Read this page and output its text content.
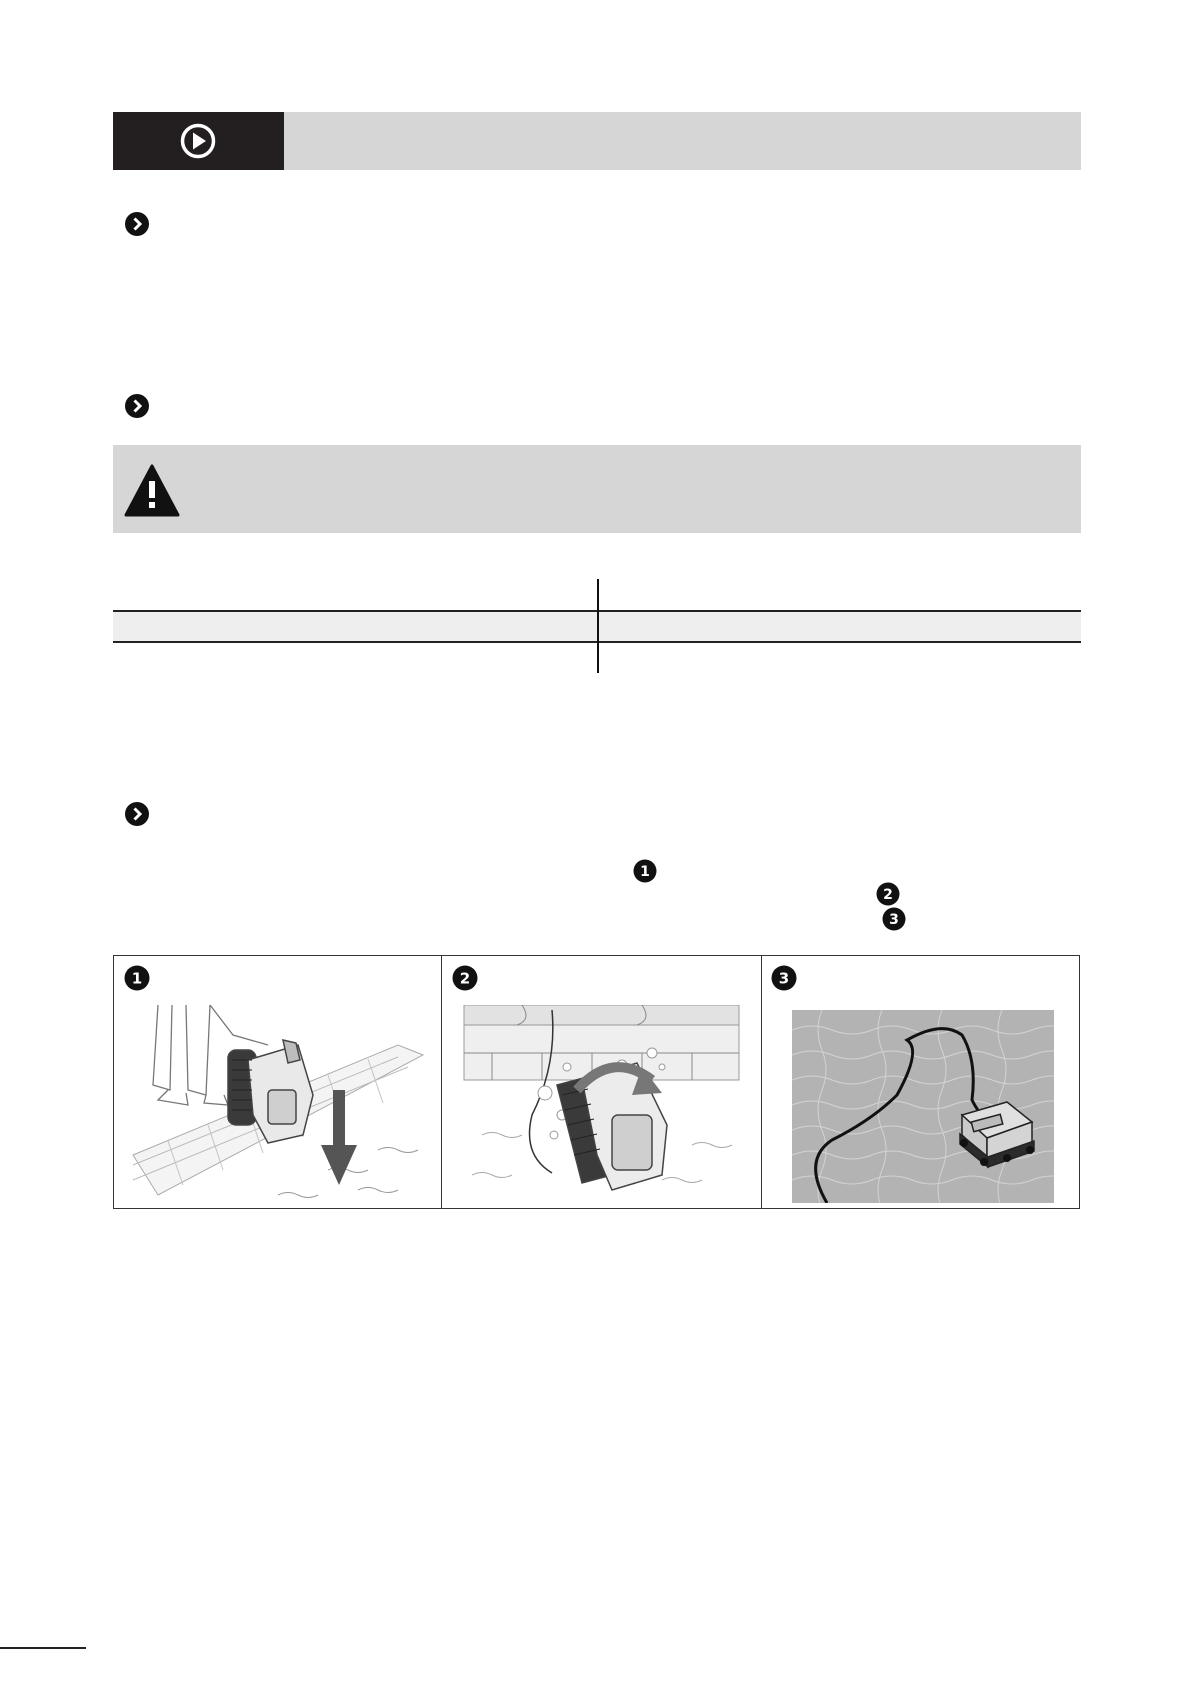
1
2
3
1	2	3
